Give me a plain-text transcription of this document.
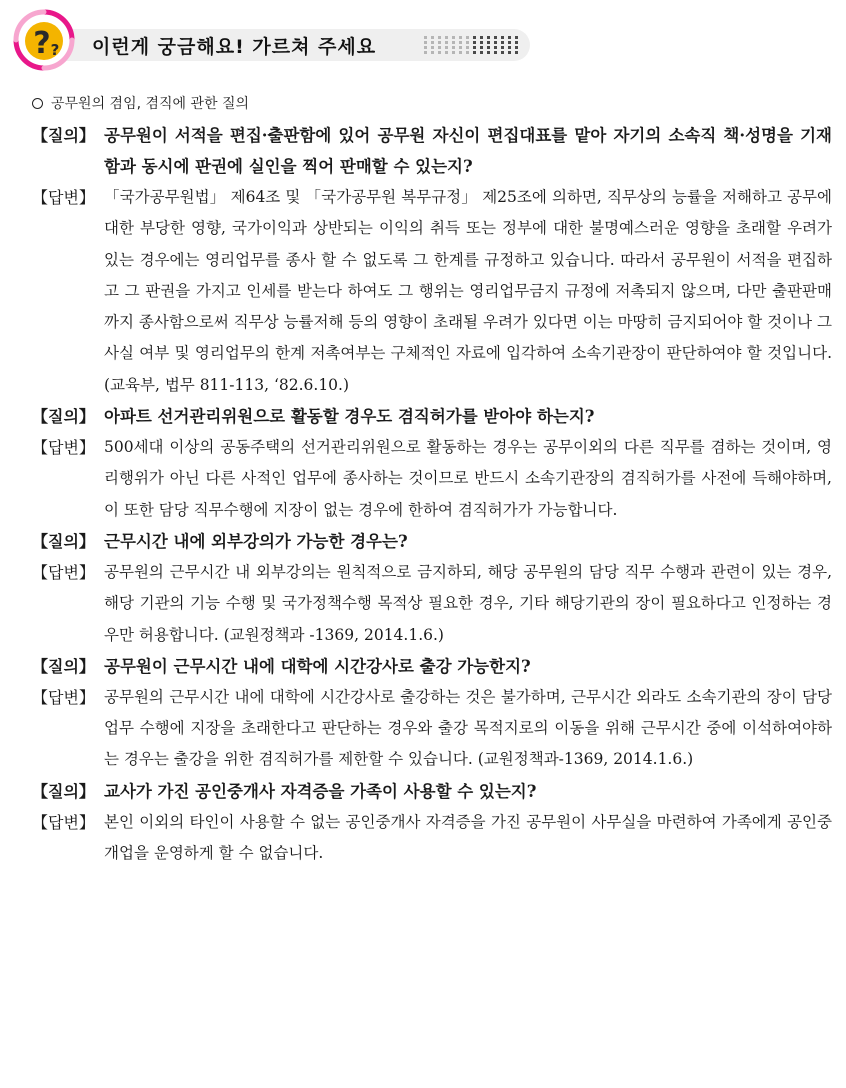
? ? 이런게 궁금해요! 가르쳐 주세요
공무원의 겸임, 겸직에 관한 질의
【질의】 공무원이 서적을 편집·출판함에 있어 공무원 자신이 편집대표를 맡아 자기의 소속직 책·성명을 기재함과 동시에 판권에 실인을 찍어 판매할 수 있는지?
【답변】 「국가공무원법」 제64조 및 「국가공무원 복무규정」 제25조에 의하면, 직무상의 능률을 저해하고 공무에 대한 부당한 영향, 국가이익과 상반되는 이익의 취득 또는 정부에 대한 불명예스러운 영향을 초래할 우려가 있는 경우에는 영리업무를 종사 할 수 없도록 그 한계를 규정하고 있습니다. 따라서 공무원이 서적을 편집하고 그 판권을 가지고 인세를 받는다 하여도 그 행위는 영리업무금지 규정에 저촉되지 않으며, 다만 출판판매까지 종사함으로써 직무상 능률저해 등의 영향이 초래될 우려가 있다면 이는 마땅히 금지되어야 할 것이나 그 사실 여부 및 영리업무의 한계 저촉여부는 구체적인 자료에 입각하여 소속기관장이 판단하여야 할 것입니다. (교육부, 법무 811-113, ‘82.6.10.)
【질의】 아파트 선거관리위원으로 활동할 경우도 겸직허가를 받아야 하는지?
【답변】 500세대 이상의 공동주택의 선거관리위원으로 활동하는 경우는 공무이외의 다른 직무를 겸하는 것이며, 영리행위가 아닌 다른 사적인 업무에 종사하는 것이므로 반드시 소속기관장의 겸직허가를 사전에 득해야하며, 이 또한 담당 직무수행에 지장이 없는 경우에 한하여 겸직허가가 가능합니다.
【질의】 근무시간 내에 외부강의가 가능한 경우는?
【답변】 공무원의 근무시간 내 외부강의는 원칙적으로 금지하되, 해당 공무원의 담당 직무 수행과 관련이 있는 경우, 해당 기관의 기능 수행 및 국가정책수행 목적상 필요한 경우, 기타 해당기관의 장이 필요하다고 인정하는 경우만 허용합니다. (교원정책과 -1369, 2014.1.6.)
【질의】 공무원이 근무시간 내에 대학에 시간강사로 출강 가능한지?
【답변】 공무원의 근무시간 내에 대학에 시간강사로 출강하는 것은 불가하며, 근무시간 외라도 소속기관의 장이 담당업무 수행에 지장을 초래한다고 판단하는 경우와 출강 목적지로의 이동을 위해 근무시간 중에 이석하여야하는 경우는 출강을 위한 겸직허가를 제한할 수 있습니다. (교원정책과-1369, 2014.1.6.)
【질의】 교사가 가진 공인중개사 자격증을 가족이 사용할 수 있는지?
【답변】 본인 이외의 타인이 사용할 수 없는 공인중개사 자격증을 가진 공무원이 사무실을 마련하여 가족에게 공인중개업을 운영하게 할 수 없습니다.
